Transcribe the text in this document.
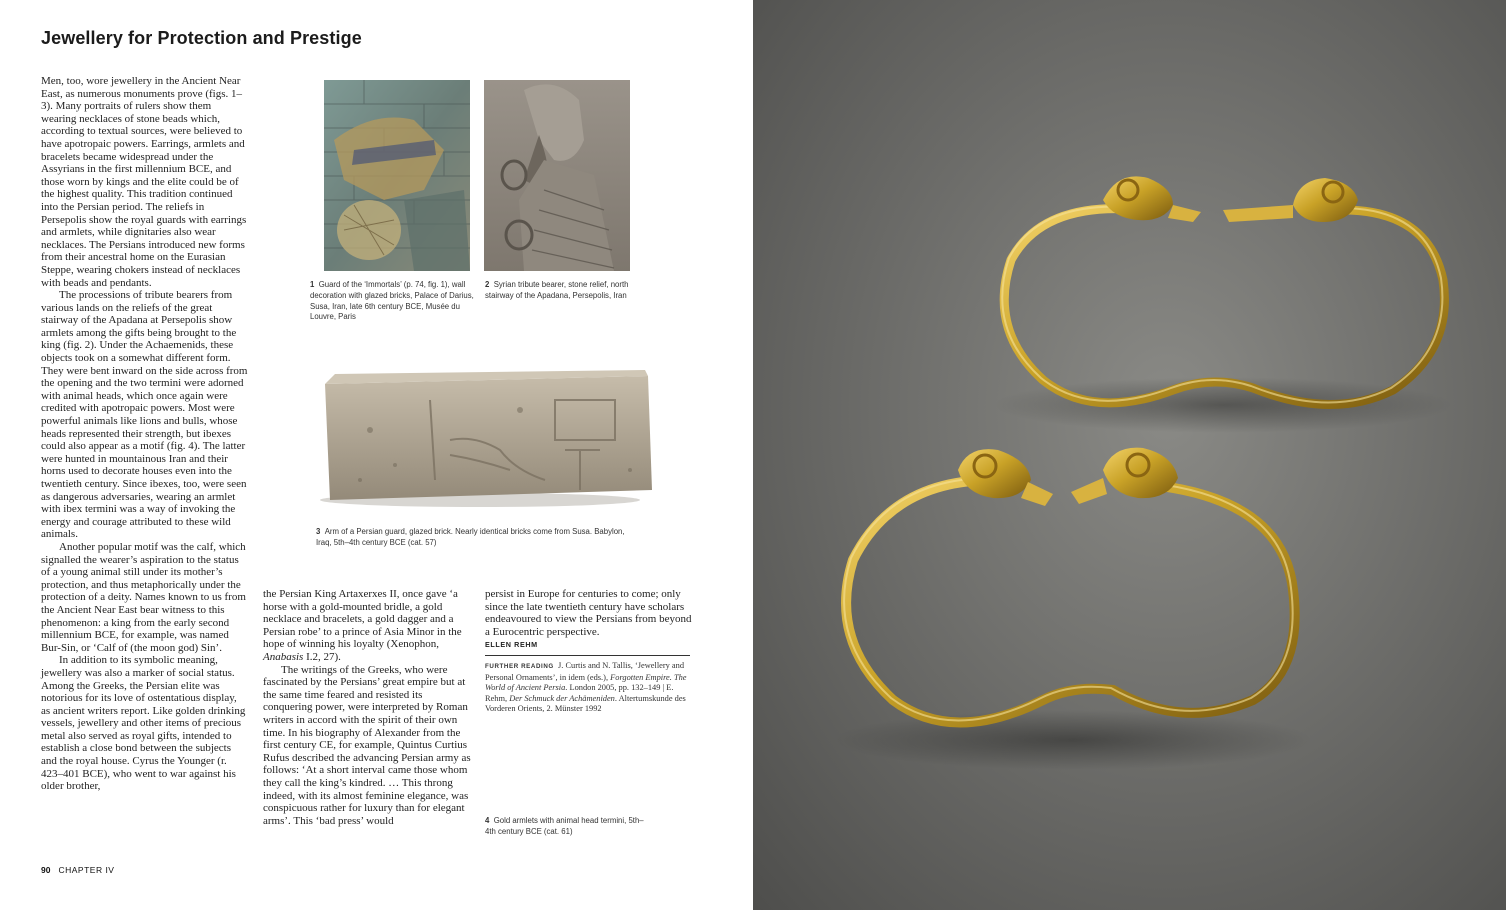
Jewellery for Protection and Prestige

Men, too, wore jewellery in the Ancient Near East, as numerous monuments prove (figs. 1–3). Many portraits of rulers show them wearing necklaces of stone beads which, according to textual sources, were believed to have apotropaic powers. Earrings, armlets and bracelets became widespread under the Assyrians in the first millennium BCE, and those worn by kings and the elite could be of the highest quality. This tradition continued into the Persian period. The reliefs in Persepolis show the royal guards with earrings and armlets, while dignitaries also wear necklaces. The Persians introduced new forms from their ancestral home on the Eurasian Steppe, wearing chokers instead of necklaces with beads and pendants.

The processions of tribute bearers from various lands on the reliefs of the great stairway of the Apadana at Persepolis show armlets among the gifts being brought to the king (fig. 2). Under the Achaemenids, these objects took on a somewhat different form. They were bent inward on the side across from the opening and the two termini were adorned with animal heads, which once again were credited with apotropaic powers. Most were powerful animals like lions and bulls, whose heads represented their strength, but ibexes could also appear as a motif (fig. 4). The latter were hunted in mountainous Iran and their horns used to decorate houses even into the twentieth century. Since ibexes, too, were seen as dangerous adversaries, wearing an armlet with ibex termini was a way of invoking the energy and courage attributed to these wild animals.

Another popular motif was the calf, which signalled the wearer’s aspiration to the status of a young animal still under its mother’s protection, and thus metaphorically under the protection of a deity. Names known to us from the Ancient Near East bear witness to this phenomenon: a king from the early second millennium BCE, for example, was named Bur-Sin, or ‘Calf of (the moon god) Sin’.

In addition to its symbolic meaning, jewellery was also a marker of social status. Among the Greeks, the Persian elite was notorious for its love of ostentatious display, as ancient writers report. Like golden drinking vessels, jewellery and other items of precious metal also served as royal gifts, intended to establish a close bond between the subjects and the royal house. Cyrus the Younger (r. 423–401 BCE), who went to war against his older brother,

1 Guard of the ‘Immortals’ (p. 74, fig. 1), wall decoration with glazed bricks, Palace of Darius, Susa, Iran, late 6th century BCE, Musée du Louvre, Paris
2 Syrian tribute bearer, stone relief, north stairway of the Apadana, Persepolis, Iran
3 Arm of a Persian guard, glazed brick. Nearly identical bricks come from Susa. Babylon, Iraq, 5th–4th century BCE (cat. 57)

the Persian King Artaxerxes II, once gave ‘a horse with a gold-mounted bridle, a gold necklace and bracelets, a gold dagger and a Persian robe’ to a prince of Asia Minor in the hope of winning his loyalty (Xenophon, Anabasis I.2, 27).

The writings of the Greeks, who were fascinated by the Persians’ great empire but at the same time feared and resisted its conquering power, were interpreted by Roman writers in accord with the spirit of their own time. In his biography of Alexander from the first century CE, for example, Quintus Curtius Rufus described the advancing Persian army as follows: ‘At a short interval came those whom they call the king’s kindred. … This throng indeed, with its almost feminine elegance, was conspicuous rather for luxury than for elegant arms’. This ‘bad press’ would

persist in Europe for centuries to come; only since the late twentieth century have scholars endeavoured to view the Persians from beyond a Eurocentric perspective.

ELLEN REHM
FURTHER READING J. Curtis and N. Tallis, ‘Jewellery and Personal Ornaments’, in idem (eds.), Forgotten Empire. The World of Ancient Persia. London 2005, pp. 132–149 | E. Rehm, Der Schmuck der Achämeniden. Altertumskunde des Vorderen Orients, 2. Münster 1992
4 Gold armlets with animal head termini, 5th–4th century BCE (cat. 61)
90 CHAPTER IV
